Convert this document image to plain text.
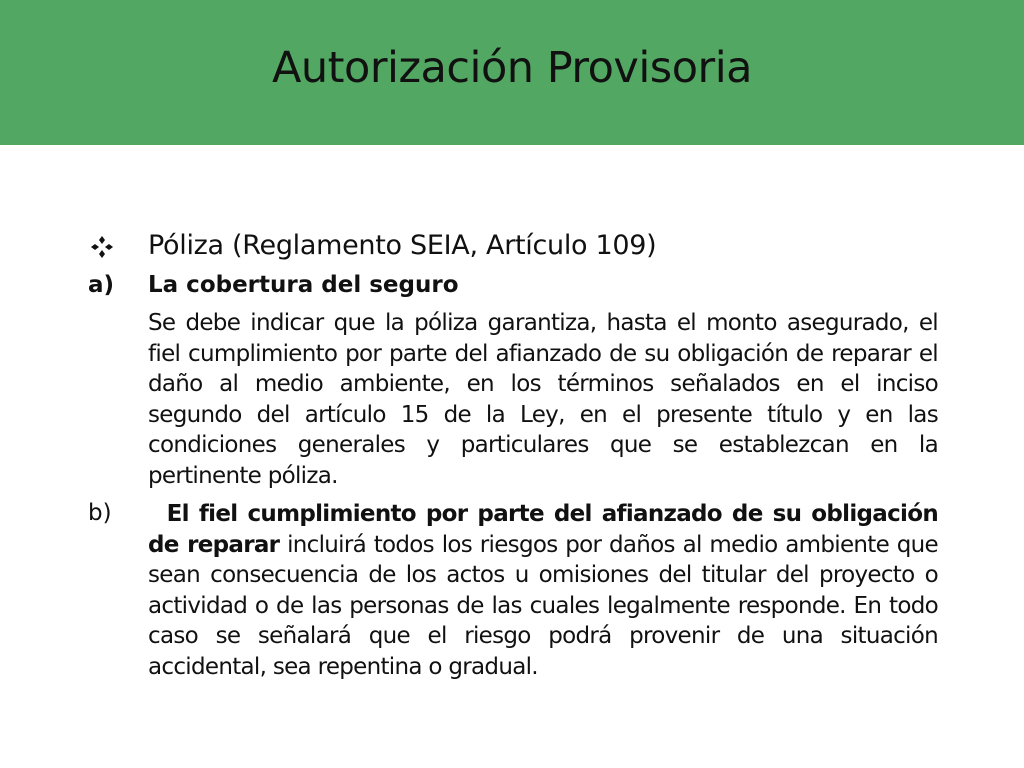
Autorización Provisoria
Póliza (Reglamento SEIA, Artículo 109)
a) La cobertura del seguro
Se debe indicar que la póliza garantiza, hasta el monto asegurado, el fiel cumplimiento por parte del afianzado de su obligación de reparar el daño al medio ambiente, en los términos señalados en el inciso segundo del artículo 15 de la Ley, en el presente título y en las condiciones generales y particulares que se establezcan en la pertinente póliza.
b)	El fiel cumplimiento por parte del afianzado de su obligación de reparar incluirá todos los riesgos por daños al medio ambiente que sean consecuencia de los actos u omisiones del titular del proyecto o actividad o de las personas de las cuales legalmente responde. En todo caso se señalará que el riesgo podrá provenir de una situación accidental, sea repentina o gradual.
